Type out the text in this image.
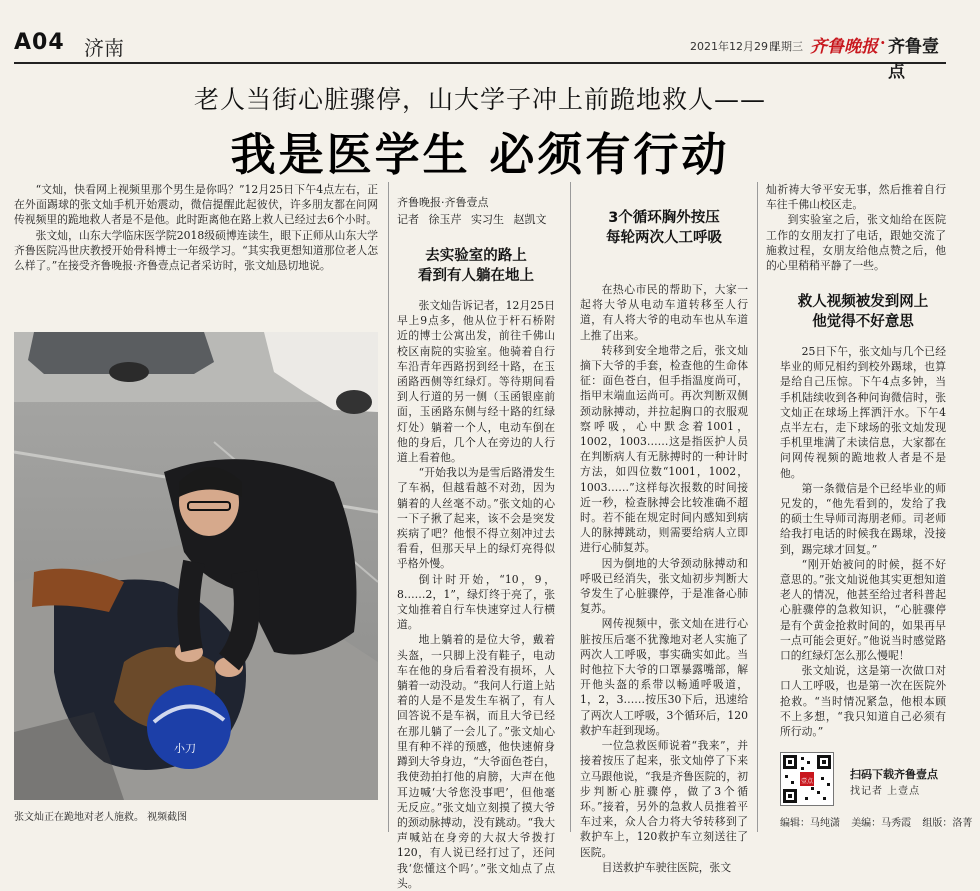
A04 济南	2021年12月29日
星期三 齐鲁晚报 · 齐鲁壹点
老人当街心脏骤停，山大学子冲上前跪地救人——
我是医学生 必须有行动

“文灿，快看网上视频里那个男生是你吗？”12月25日下午4点左右，正在外面踢球的张文灿手机开始震动，微信提醒此起彼伏，许多朋友都在问网传视频里的跪地救人者是不是他。此时距离他在路上救人已经过去6个小时。

张文灿，山东大学临床医学院2018级硕博连读生，眼下正师从山东大学齐鲁医院冯世庆教授开始骨科博士一年级学习。“其实我更想知道那位老人怎么样了。”在接受齐鲁晚报·齐鲁壹点记者采访时，张文灿恳切地说。

小刀
张文灿正在跪地对老人施救。 视频截图
齐鲁晚报·齐鲁壹点
记者 徐玉芹 实习生 赵凯文
去实验室的路上
看到有人躺在地上

张文灿告诉记者，12月25日早上9点多，他从位于杆石桥附近的博士公寓出发，前往千佛山校区南院的实验室。他骑着自行车沿青年西路拐到经十路，在玉函路西侧等红绿灯。等待期间看到人行道的另一侧（玉函银座前面，玉函路东侧与经十路的红绿灯处）躺着一个人，电动车倒在他的身后，几个人在旁边的人行道上看着他。

“开始我以为是雪后路滑发生了车祸，但越看越不对劲，因为躺着的人丝毫不动。”张文灿的心一下子揪了起来，该不会是突发疾病了吧？他恨不得立刻冲过去看看，但那天早上的绿灯亮得似乎格外慢。

倒计时开始，“10，9，8……2，1”，绿灯终于亮了，张文灿推着自行车快速穿过人行横道。

地上躺着的是位大爷，戴着头盔，一只脚上没有鞋子，电动车在他的身后看着没有损坏，人躺着一动没动。“我问人行道上站着的人是不是发生车祸了，有人回答说不是车祸，而且大爷已经在那儿躺了一会儿了。”张文灿心里有种不祥的预感，他快速俯身蹲到大爷身边，“大爷面色苍白，我使劲拍打他的肩膀，大声在他耳边喊‘大爷您没事吧’，但他毫无反应。”张文灿立刻摸了摸大爷的颈动脉搏动，没有跳动。“我大声喊站在身旁的大叔大爷拨打120，有人说已经打过了，还问我‘您懂这个吗’。”张文灿点了点头。

3个循环胸外按压
每轮两次人工呼吸

在热心市民的帮助下，大家一起将大爷从电动车道转移至人行道，有人将大爷的电动车也从车道上推了出来。

转移到安全地带之后，张文灿摘下大爷的手套，检查他的生命体征：面色苍白，但手指温度尚可，指甲末端血运尚可。再次判断双侧颈动脉搏动，并拉起胸口的衣服观察呼吸，心中默念着1001，1002，1003……这是指医护人员在判断病人有无脉搏时的一种计时方法，如四位数“1001，1002，1003……”这样每次报数的时间接近一秒，检查脉搏会比较准确不超时。若不能在规定时间内感知到病人的脉搏跳动，则需要给病人立即进行心肺复苏。

因为倒地的大爷颈动脉搏动和呼吸已经消失，张文灿初步判断大爷发生了心脏骤停，于是准备心肺复苏。

网传视频中，张文灿在进行心脏按压后毫不犹豫地对老人实施了两次人工呼吸，事实确实如此。当时他拉下大爷的口罩暴露嘴部，解开他头盔的系带以畅通呼吸道，1，2，3……按压30下后，迅速给了两次人工呼吸，3个循环后，120救护车赶到现场。

一位急救医师说着“我来”，并接着按压了起来，张文灿停了下来立马跟他说，“我是齐鲁医院的，初步判断心脏骤停，做了3个循环。”接着，另外的急救人员推着平车过来，众人合力将大爷转移到了救护车上，120救护车立刻送往了医院。

目送救护车驶往医院，张文

灿祈祷大爷平安无事，然后推着自行车往千佛山校区走。

到实验室之后，张文灿给在医院工作的女朋友打了电话，跟她交流了施救过程，女朋友给他点赞之后，他的心里稍稍平静了一些。

救人视频被发到网上
他觉得不好意思

25日下午，张文灿与几个已经毕业的师兄相约到校外踢球，也算是给自己压惊。下午4点多钟，当手机陆续收到各种问询微信时，张文灿正在球场上挥洒汗水。下午4点半左右，走下球场的张文灿发现手机里堆满了未读信息，大家都在问网传视频的跪地救人者是不是他。

第一条微信是个已经毕业的师兄发的，“他先看到的，发给了我的硕士生导师司海朋老师。司老师给我打电话的时候我在踢球，没接到，踢完球才回复。”

“刚开始被问的时候，挺不好意思的。”张文灿说他其实更想知道老人的情况，他甚至给过者科普起心脏骤停的急救知识，“心脏骤停是有个黄金抢救时间的，如果再早一点可能会更好。”他说当时感觉路口的红绿灯怎么那么慢呢！

张文灿说，这是第一次做口对口人工呼吸，也是第一次在医院外抢救。“当时情况紧急，他根本顾不上多想，“我只知道自己必须有所行动。”

壹点
扫码下载齐鲁壹点
找记者 上壹点
编辑：马纯潇 美编：马秀霞 组版：洛菁
